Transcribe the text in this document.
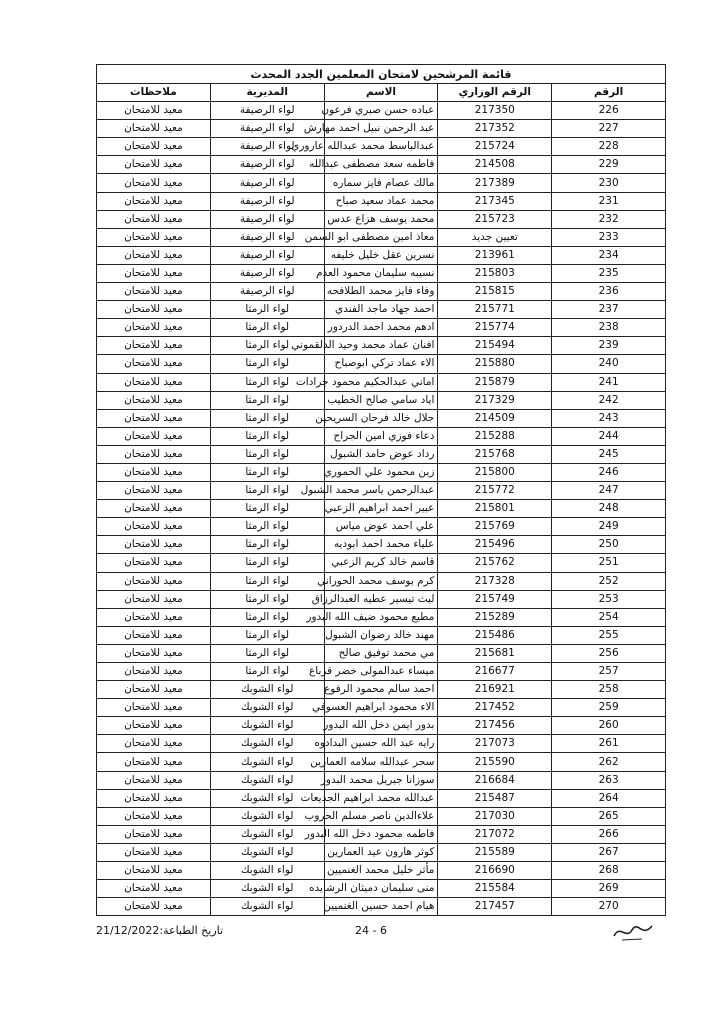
قائمة المرشحين لامتحان المعلمين الجدد المحدث				
الرقم	الرقم الوزاري	الاسم	المديرية	ملاحظات
226	217350	عباده حسن صبري فرعون	لواء الرصيفة	معيد للامتحان
227	217352	عبد الرحمن نبيل احمد مهارش	لواء الرصيفة	معيد للامتحان
228	215724	عبدالباسط محمد عبدالله عاروري	لواء الرصيفة	معيد للامتحان
229	214508	فاطمه سعد مصطفى عبدالله	لواء الرصيفة	معيد للامتحان
230	217389	مالك عصام فايز سماره	لواء الرصيفة	معيد للامتحان
231	217345	محمد عماد سعيد صباح	لواء الرصيفة	معيد للامتحان
232	215723	محمد يوسف هزاع عدس	لواء الرصيفة	معيد للامتحان
233	تعيين جديد	معاذ امين مصطفى ابو السمن	لواء الرصيفة	معيد للامتحان
234	213961	نسرين عقل خليل خليفه	لواء الرصيفة	معيد للامتحان
235	215803	نسيبه سليمان محمود العدم	لواء الرصيفة	معيد للامتحان
236	215815	وفاء فايز محمد الطلافحه	لواء الرصيفة	معيد للامتحان
237	215771	احمد جهاد ماجد الفندي	لواء الرمثا	معيد للامتحان
238	215774	ادهم محمد احمد الدردور	لواء الرمثا	معيد للامتحان
239	215494	افنان عماد محمد وحيد الدلقموني	لواء الرمثا	معيد للامتحان
240	215880	الاء عماد تركي ابوصباح	لواء الرمثا	معيد للامتحان
241	215879	اماني عبدالحكيم محمود جرادات	لواء الرمثا	معيد للامتحان
242	217329	اياد سامي صالح الخطيب	لواء الرمثا	معيد للامتحان
243	214509	جلال خالد فرحان السريحين	لواء الرمثا	معيد للامتحان
244	215288	دعاء فوزي امين الجراح	لواء الرمثا	معيد للامتحان
245	215768	رداد عوض حامد الشبول	لواء الرمثا	معيد للامتحان
246	215800	زين محمود علي الحموري	لواء الرمثا	معيد للامتحان
247	215772	عبدالرحمن ياسر محمد الشبول	لواء الرمثا	معيد للامتحان
248	215801	عبير احمد ابراهيم الزعبي	لواء الرمثا	معيد للامتحان
249	215769	علي احمد عوض مياس	لواء الرمثا	معيد للامتحان
250	215496	علياء محمد احمد ابوديه	لواء الرمثا	معيد للامتحان
251	215762	قاسم خالد كريم الزعبي	لواء الرمثا	معيد للامتحان
252	217328	كرم يوسف محمد الحوراني	لواء الرمثا	معيد للامتحان
253	215749	ليث تيسير عطيه العبدالرزاق	لواء الرمثا	معيد للامتحان
254	215289	مطيع محمود ضيف الله البدور	لواء الرمثا	معيد للامتحان
255	215486	مهند خالد رضوان الشبول	لواء الرمثا	معيد للامتحان
256	215681	مي محمد توفيق صالح	لواء الرمثا	معيد للامتحان
257	216677	ميساء عبدالمولى خضر قرباع	لواء الرمثا	معيد للامتحان
258	216921	احمد سالم محمود الرفوع	لواء الشوبك	معيد للامتحان
259	217452	الاء محمود ابراهيم العسوفي	لواء الشوبك	معيد للامتحان
260	217456	بدور ايمن دخل الله البدور	لواء الشوبك	معيد للامتحان
261	217073	رايه عبد الله حسين البدادوه	لواء الشوبك	معيد للامتحان
262	215590	سحر عبدالله سلامه العمارين	لواء الشوبك	معيد للامتحان
263	216684	سوزانا جبريل محمد البدور	لواء الشوبك	معيد للامتحان
264	215487	عبدالله محمد ابراهيم الجديعات	لواء الشوبك	معيد للامتحان
265	217030	علاءالدين ناصر مسلم الحروب	لواء الشوبك	معيد للامتحان
266	217072	فاطمه محمود دخل الله البدور	لواء الشوبك	معيد للامتحان
267	215589	كوثر هارون عيد العمارين	لواء الشوبك	معيد للامتحان
268	216690	مأثر خليل محمد الغنميين	لواء الشوبك	معيد للامتحان
269	215584	منى سليمان دميثان الرشايده	لواء الشوبك	معيد للامتحان
270	217457	هيام احمد حسين الغنميين	لواء الشوبك	معيد للامتحان
تاريخ الطباعة:21/12/2022	24 - 6
